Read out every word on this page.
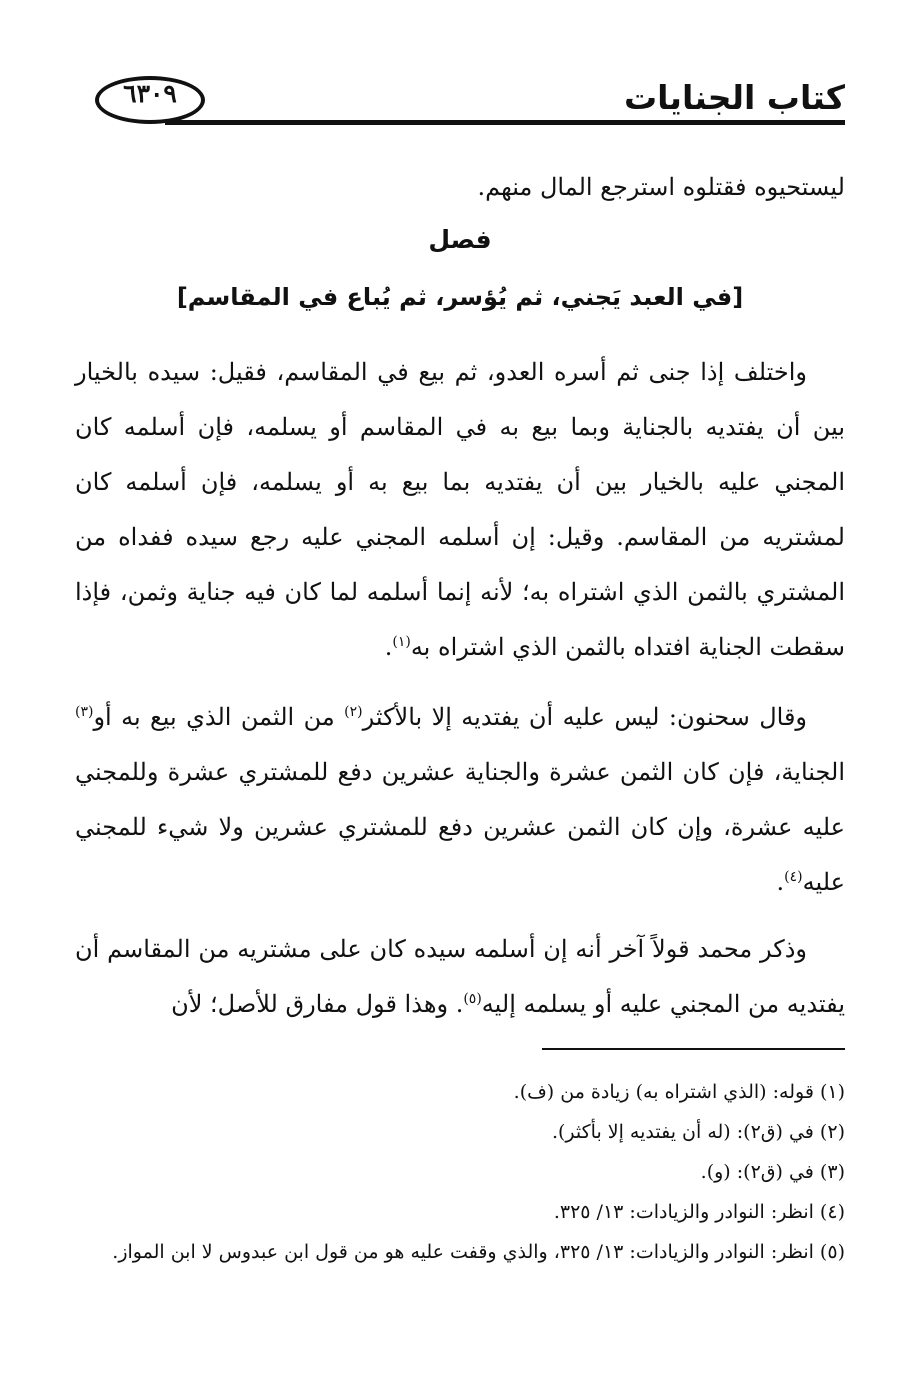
٦٣٠٩	كتاب الجنايات

ليستحيوه فقتلوه استرجع المال منهم.

فصل
[في العبد يَجني، ثم يُؤسر، ثم يُباع في المقاسم]

واختلف إذا جنى ثم أسره العدو، ثم بيع في المقاسم، فقيل: سيده بالخيار بين أن يفتديه بالجناية وبما بيع به في المقاسم أو يسلمه، فإن أسلمه كان المجني عليه بالخيار بين أن يفتديه بما بيع به أو يسلمه، فإن أسلمه كان لمشتريه من المقاسم. وقيل: إن أسلمه المجني عليه رجع سيده ففداه من المشتري بالثمن الذي اشتراه به؛ لأنه إنما أسلمه لما كان فيه جناية وثمن، فإذا سقطت الجناية افتداه بالثمن الذي اشتراه به$^{(١)}$.

وقال سحنون: ليس عليه أن يفتديه إلا بالأكثر$^{(٢)}$ من الثمن الذي بيع به أو$^{(٣)}$ الجناية، فإن كان الثمن عشرة والجناية عشرين دفع للمشتري عشرة وللمجني عليه عشرة، وإن كان الثمن عشرين دفع للمشتري عشرين ولا شيء للمجني عليه$^{(٤)}$.

وذكر محمد قولاً آخر أنه إن أسلمه سيده كان على مشتريه من المقاسم أن يفتديه من المجني عليه أو يسلمه إليه$^{(٥)}$. وهذا قول مفارق للأصل؛ لأن

(١) قوله: (الذي اشتراه به) زيادة من (ف).
(٢) في (ق٢): (له أن يفتديه إلا بأكثر).
(٣) في (ق٢): (و).
(٤) انظر: النوادر والزيادات: ١٣/ ٣٢٥.
(٥) انظر: النوادر والزيادات: ١٣/ ٣٢٥، والذي وقفت عليه هو من قول ابن عبدوس لا ابن المواز.
